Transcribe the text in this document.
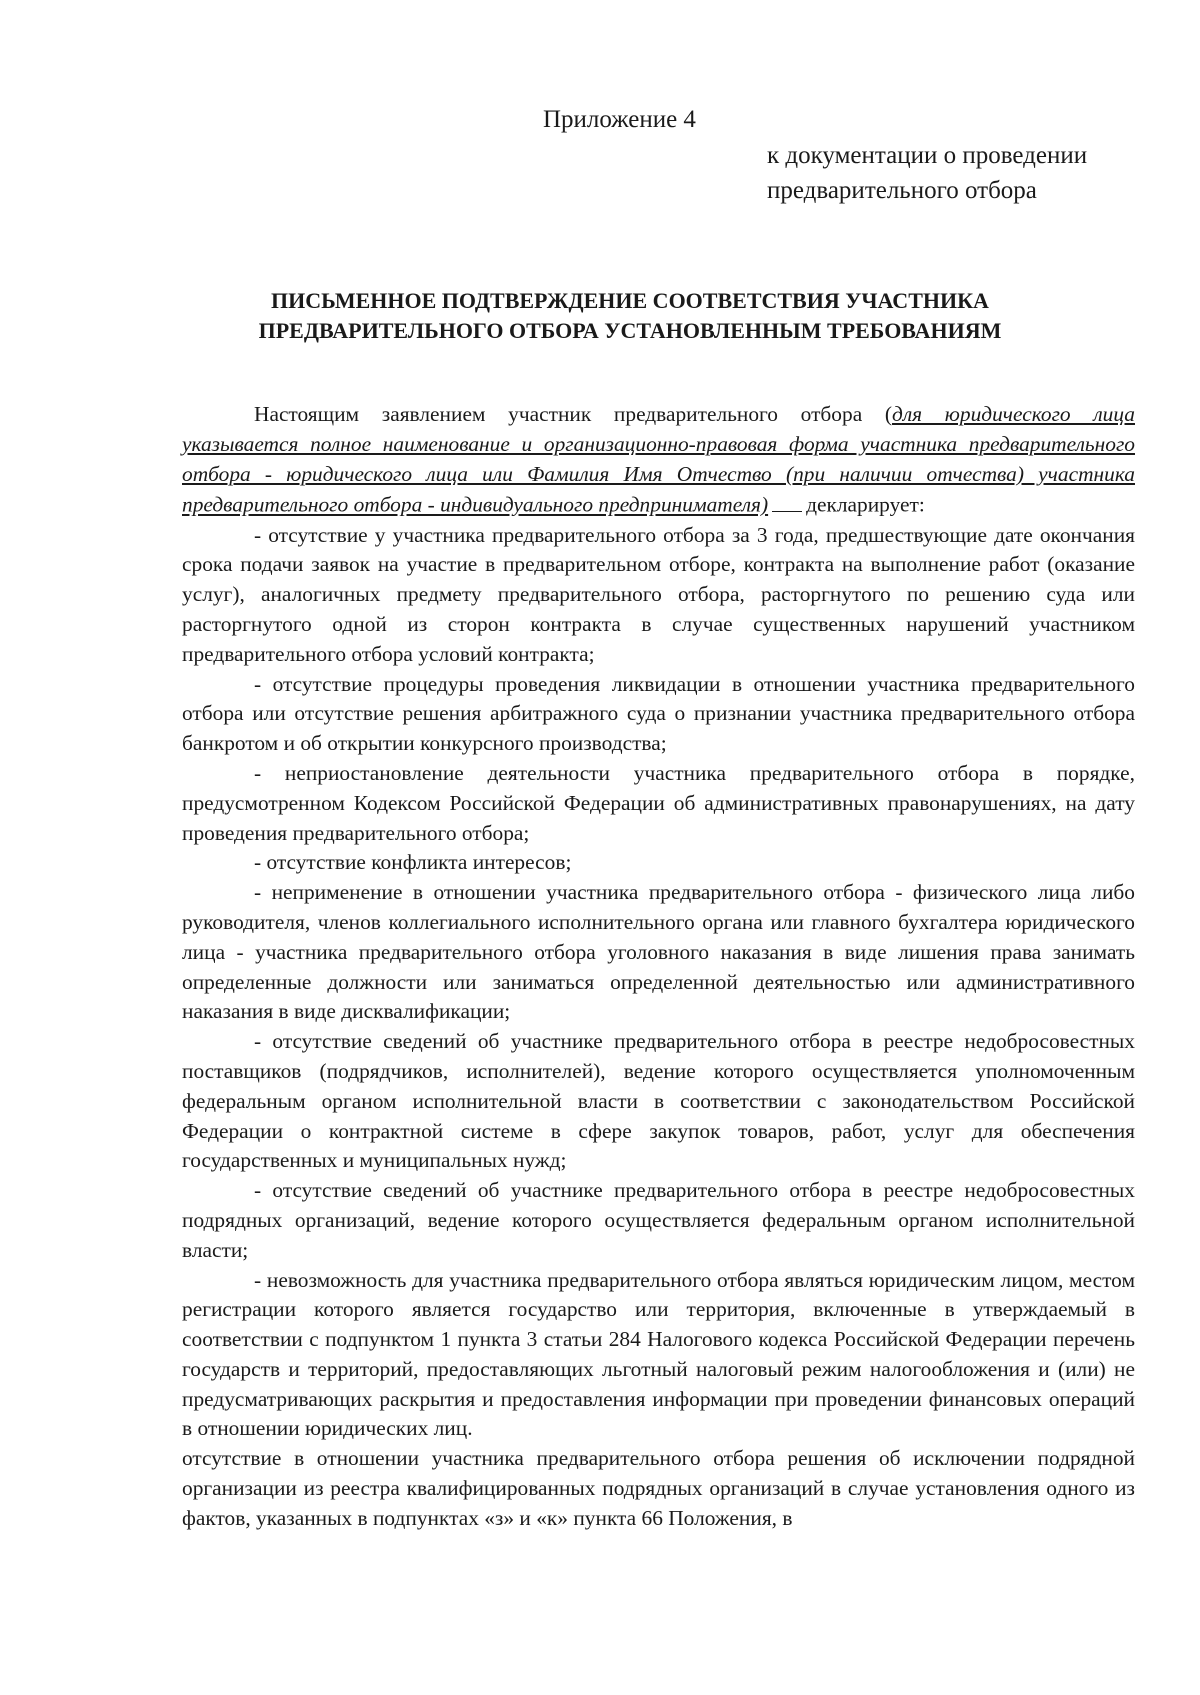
Приложение 4

к документации о проведении
предварительного отбора

ПИСЬМЕННОЕ ПОДТВЕРЖДЕНИЕ СООТВЕТСТВИЯ УЧАСТНИКА
ПРЕДВАРИТЕЛЬНОГО ОТБОРА УСТАНОВЛЕННЫМ ТРЕБОВАНИЯМ

Настоящим заявлением участник предварительного отбора (для юридического лица указывается полное наименование и организационно-правовая форма участника предварительного отбора - юридического лица или Фамилия Имя Отчество (при наличии отчества) участника предварительного отбора - индивидуального предпринимателя) декларирует:

- отсутствие у участника предварительного отбора за 3 года, предшествующие дате окончания срока подачи заявок на участие в предварительном отборе, контракта на выполнение работ (оказание услуг), аналогичных предмету предварительного отбора, расторгнутого по решению суда или расторгнутого одной из сторон контракта в случае существенных нарушений участником предварительного отбора условий контракта;

- отсутствие процедуры проведения ликвидации в отношении участника предварительного отбора или отсутствие решения арбитражного суда о признании участника предварительного отбора банкротом и об открытии конкурсного производства;

- неприостановление деятельности участника предварительного отбора в порядке, предусмотренном Кодексом Российской Федерации об административных правонарушениях, на дату проведения предварительного отбора;

- отсутствие конфликта интересов;

- неприменение в отношении участника предварительного отбора - физического лица либо руководителя, членов коллегиального исполнительного органа или главного бухгалтера юридического лица - участника предварительного отбора уголовного наказания в виде лишения права занимать определенные должности или заниматься определенной деятельностью или административного наказания в виде дисквалификации;

- отсутствие сведений об участнике предварительного отбора в реестре недобросовестных поставщиков (подрядчиков, исполнителей), ведение которого осуществляется уполномоченным федеральным органом исполнительной власти в соответствии с законодательством Российской Федерации о контрактной системе в сфере закупок товаров, работ, услуг для обеспечения государственных и муниципальных нужд;

- отсутствие сведений об участнике предварительного отбора в реестре недобросовестных подрядных организаций, ведение которого осуществляется федеральным органом исполнительной власти;

- невозможность для участника предварительного отбора являться юридическим лицом, местом регистрации которого является государство или территория, включенные в утверждаемый в соответствии с подпунктом 1 пункта 3 статьи 284 Налогового кодекса Российской Федерации перечень государств и территорий, предоставляющих льготный налоговый режим налогообложения и (или) не предусматривающих раскрытия и предоставления информации при проведении финансовых операций в отношении юридических лиц.

отсутствие в отношении участника предварительного отбора решения об исключении подрядной организации из реестра квалифицированных подрядных организаций в случае установления одного из фактов, указанных в подпунктах «з» и «к» пункта 66 Положения, в
